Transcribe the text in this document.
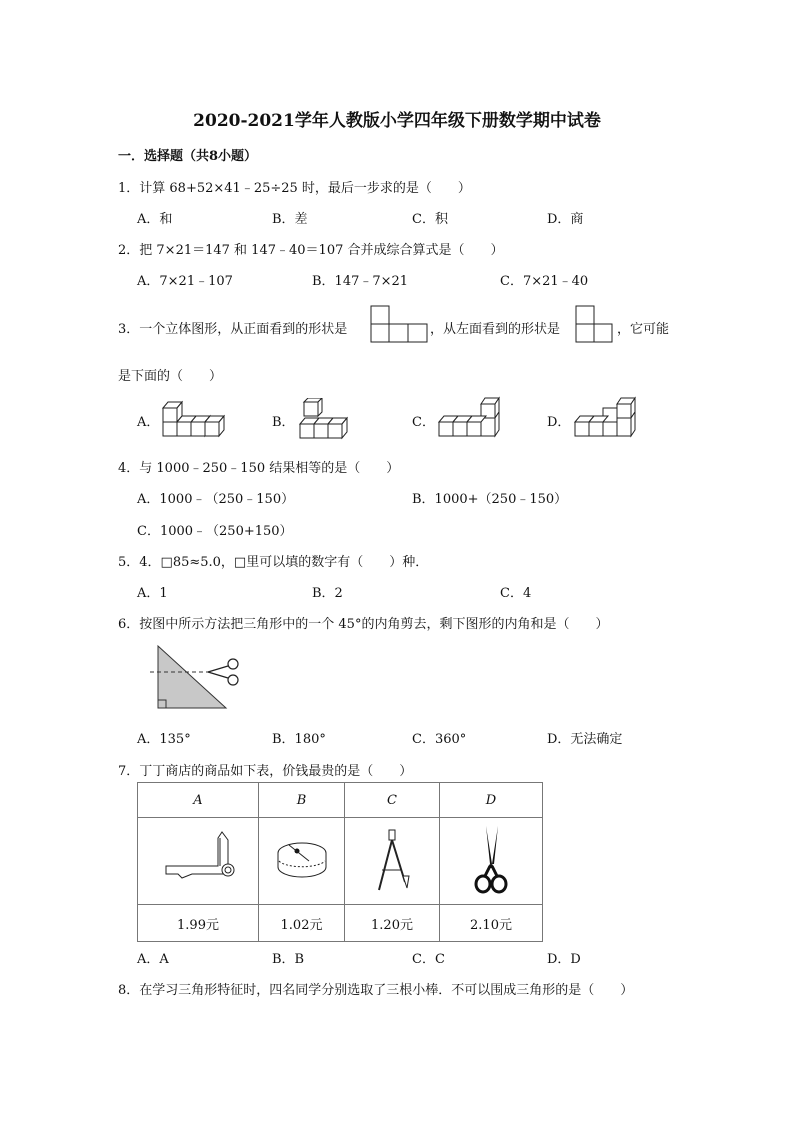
2020-2021学年人教版小学四年级下册数学期中试卷
一．选择题（共8小题）
1．计算 68+52×41﹣25÷25 时，最后一步求的是（　　）
A．和	B．差	C．积	D．商
2．把 7×21＝147 和 147﹣40＝107 合并成综合算式是（　　）
A．7×21﹣107	B．147﹣7×21	C．7×21﹣40
3．一个立体图形，从正面看到的形状是	，从左面看到的形状是	，它可能
是下面的（　　）
A．	B．	C．	D．
4．与 1000﹣250﹣150 结果相等的是（　　）
A．1000﹣（250﹣150）	B．1000+（250﹣150）
C．1000﹣（250+150）
5．4．□85≈5.0，□里可以填的数字有（　　）种．
A．1	B．2	C．4
6．按图中所示方法把三角形中的一个 45°的内角剪去，剩下图形的内角和是（　　）
A．135°	B．180°	C．360°	D．无法确定
7．丁丁商店的商品如下表，价钱最贵的是（　　）
A	B	C	D

1.99元	1.02元	1.20元	2.10元
A．A	B．B	C．C	D．D
8．在学习三角形特征时，四名同学分别选取了三根小棒．不可以围成三角形的是（　　）
